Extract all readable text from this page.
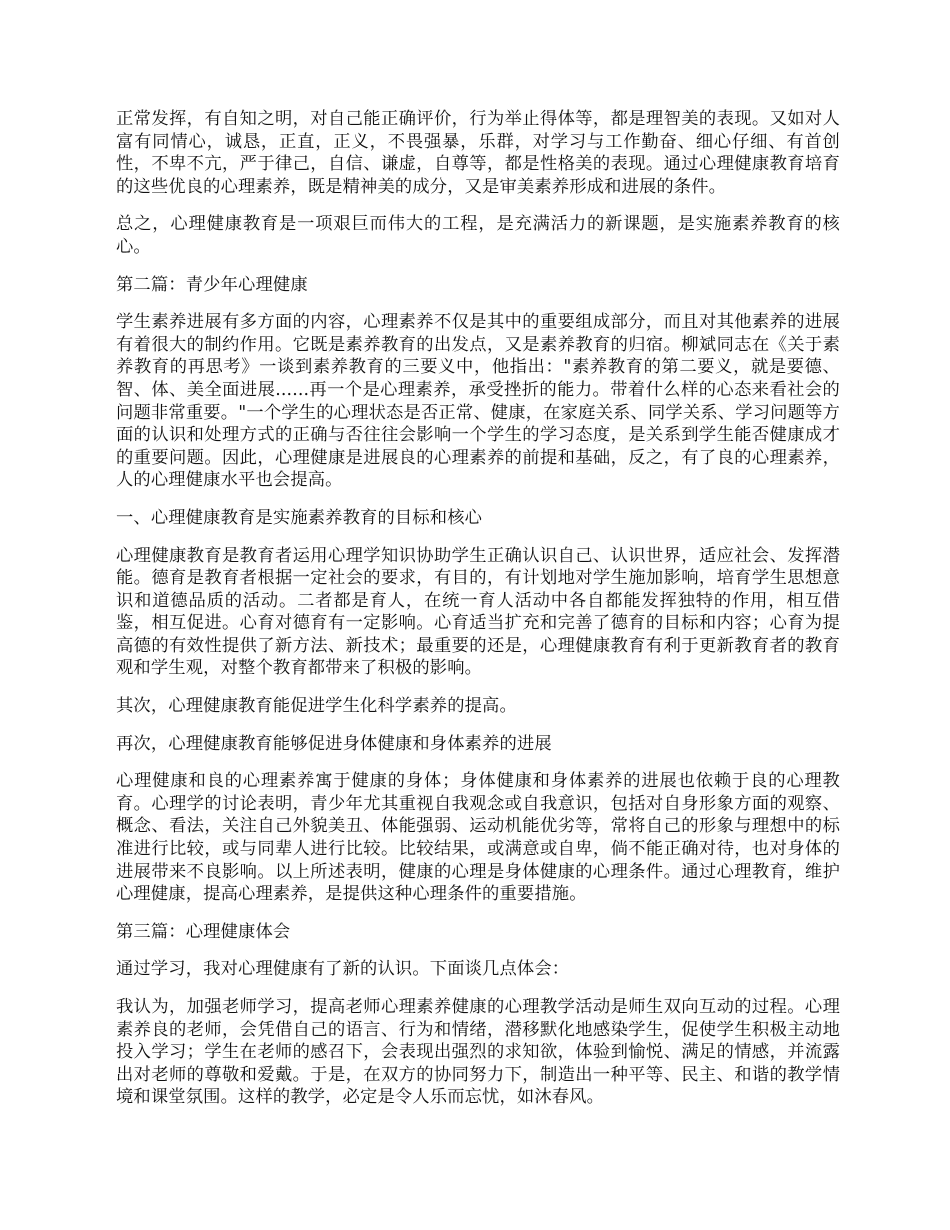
正常发挥，有自知之明，对自己能正确评价，行为举止得体等，都是理智美的表现。又如对人富有同情心，诚恳，正直，正义，不畏强暴，乐群，对学习与工作勤奋、细心仔细、有首创性，不卑不亢，严于律己，自信、谦虚，自尊等，都是性格美的表现。通过心理健康教育培育的这些优良的心理素养，既是精神美的成分，又是审美素养形成和进展的条件。

总之，心理健康教育是一项艰巨而伟大的工程，是充满活力的新课题，是实施素养教育的核心。

第二篇：青少年心理健康

学生素养进展有多方面的内容，心理素养不仅是其中的重要组成部分，而且对其他素养的进展有着很大的制约作用。它既是素养教育的出发点，又是素养教育的归宿。柳斌同志在《关于素养教育的再思考》一谈到素养教育的三要义中，他指出："素养教育的第二要义，就是要德、智、体、美全面进展......再一个是心理素养，承受挫折的能力。带着什么样的心态来看社会的问题非常重要。"一个学生的心理状态是否正常、健康，在家庭关系、同学关系、学习问题等方面的认识和处理方式的正确与否往往会影响一个学生的学习态度，是关系到学生能否健康成才的重要问题。因此，心理健康是进展良的心理素养的前提和基础，反之，有了良的心理素养，人的心理健康水平也会提高。

一、心理健康教育是实施素养教育的目标和核心

心理健康教育是教育者运用心理学知识协助学生正确认识自己、认识世界，适应社会、发挥潜能。德育是教育者根据一定社会的要求，有目的，有计划地对学生施加影响，培育学生思想意识和道德品质的活动。二者都是育人，在统一育人活动中各自都能发挥独特的作用，相互借鉴，相互促进。心育对德育有一定影响。心育适当扩充和完善了德育的目标和内容；心育为提高德的有效性提供了新方法、新技术；最重要的还是，心理健康教育有利于更新教育者的教育观和学生观，对整个教育都带来了积极的影响。

其次，心理健康教育能促进学生化科学素养的提高。

再次，心理健康教育能够促进身体健康和身体素养的进展

心理健康和良的心理素养寓于健康的身体；身体健康和身体素养的进展也依赖于良的心理教育。心理学的讨论表明，青少年尤其重视自我观念或自我意识，包括对自身形象方面的观察、概念、看法，关注自己外貌美丑、体能强弱、运动机能优劣等，常将自己的形象与理想中的标准进行比较，或与同辈人进行比较。比较结果，或满意或自卑，倘不能正确对待，也对身体的进展带来不良影响。以上所述表明，健康的心理是身体健康的心理条件。通过心理教育，维护心理健康，提高心理素养，是提供这种心理条件的重要措施。

第三篇：心理健康体会

通过学习，我对心理健康有了新的认识。下面谈几点体会：

我认为，加强老师学习，提高老师心理素养健康的心理教学活动是师生双向互动的过程。心理素养良的老师，会凭借自己的语言、行为和情绪，潜移默化地感染学生，促使学生积极主动地投入学习；学生在老师的感召下，会表现出强烈的求知欲，体验到愉悦、满足的情感，并流露出对老师的尊敬和爱戴。于是，在双方的协同努力下，制造出一种平等、民主、和谐的教学情境和课堂氛围。这样的教学，必定是令人乐而忘忧，如沐春风。
